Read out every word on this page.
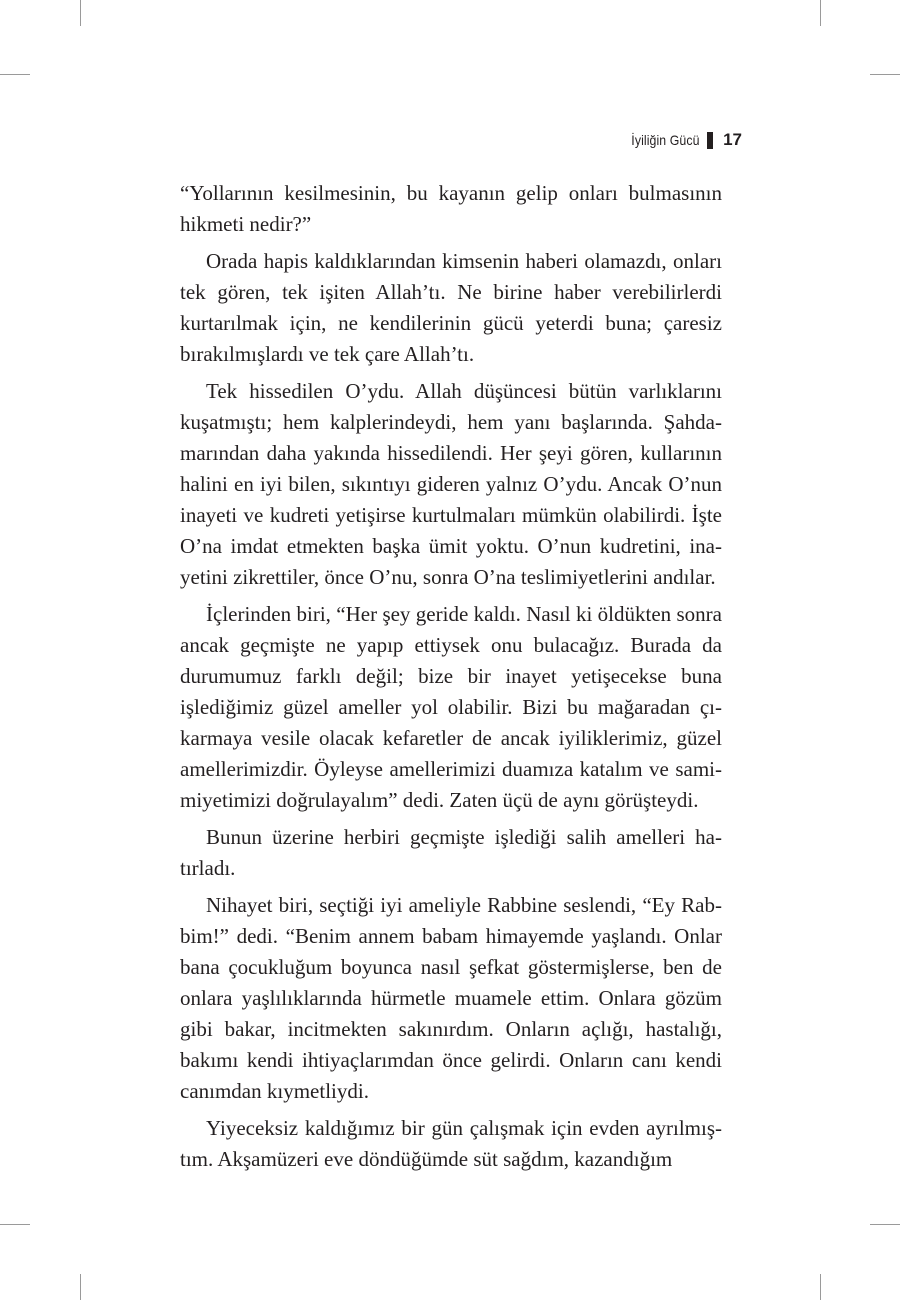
İyiliğin Gücü 17

“Yollarının kesilmesinin, bu kayanın gelip onları bulmasının hikmeti nedir?”

Orada hapis kaldıklarından kimsenin haberi olamazdı, onları tek gören, tek işiten Allah’tı. Ne birine haber verebilirlerdi kurtarılmak için, ne kendilerinin gücü yeterdi buna; çaresiz bırakılmışlardı ve tek çare Allah’tı.

Tek hissedilen O’ydu. Allah düşüncesi bütün varlıklarını kuşatmıştı; hem kalplerindeydi, hem yanı başlarında. Şahdamarından daha yakında hissedilendi. Her şeyi gören, kullarının halini en iyi bilen, sıkıntıyı gideren yalnız O’ydu. Ancak O’nun inayeti ve kudreti yetişirse kurtulmaları mümkün olabilirdi. İşte O’na imdat etmekten başka ümit yoktu. O’nun kudretini, inayetini zikrettiler, önce O’nu, sonra O’na teslimiyetlerini andılar.

İçlerinden biri, “Her şey geride kaldı. Nasıl ki öldükten sonra ancak geçmişte ne yapıp ettiysek onu bulacağız. Burada da durumumuz farklı değil; bize bir inayet yetişecekse buna işlediğimiz güzel ameller yol olabilir. Bizi bu mağaradan çıkarmaya vesile olacak kefaretler de ancak iyiliklerimiz, güzel amellerimizdir. Öyleyse amellerimizi duamıza katalım ve samimiyetimizi doğrulayalım” dedi. Zaten üçü de aynı görüşteydi.

Bunun üzerine herbiri geçmişte işlediği salih amelleri hatırladı.

Nihayet biri, seçtiği iyi ameliyle Rabbine seslendi, “Ey Rabbim!” dedi. “Benim annem babam himayemde yaşlandı. Onlar bana çocukluğum boyunca nasıl şefkat göstermişlerse, ben de onlara yaşlılıklarında hürmetle muamele ettim. Onlara gözüm gibi bakar, incitmekten sakınırdım. Onların açlığı, hastalığı, bakımı kendi ihtiyaçlarımdan önce gelirdi. Onların canı kendi canımdan kıymetliydi.

Yiyeceksiz kaldığımız bir gün çalışmak için evden ayrılmıştım. Akşamüzeri eve döndüğümde süt sağdım, kazandığım
